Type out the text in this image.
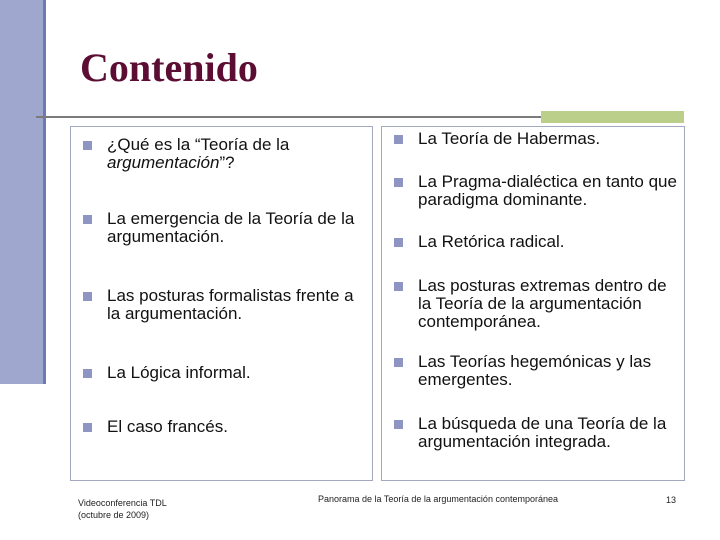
Contenido
¿Qué es la “Teoría de la argumentación”?
La emergencia de la Teoría de la argumentación.
Las posturas formalistas frente a la argumentación.
La Lógica informal.
El caso francés.
La Teoría de Habermas.
La Pragma-dialéctica en tanto que paradigma dominante.
La Retórica radical.
Las posturas extremas dentro de la Teoría de la argumentación contemporánea.
Las Teorías hegemónicas y las emergentes.
La búsqueda de una Teoría de la argumentación integrada.
Videoconferencia TDL
(octubre de 2009)
Panorama de la Teoría de la argumentación contemporánea	13
